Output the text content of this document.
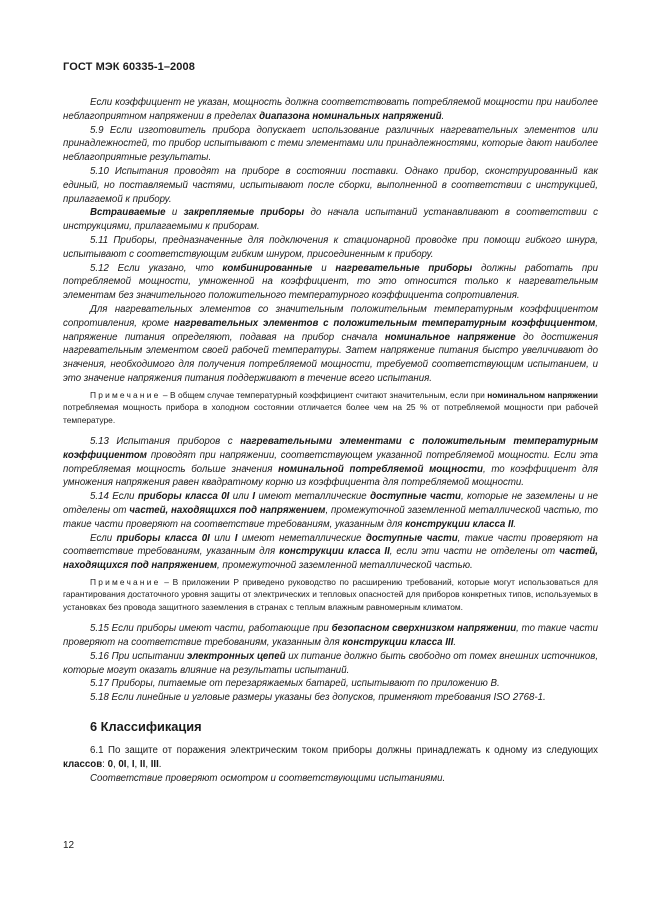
ГОСТ МЭК 60335-1–2008

Если коэффициент не указан, мощность должна соответствовать потребляемой мощности при наиболее неблагоприятном напряжении в пределах диапазона номинальных напряжений.

5.9 Если изготовитель прибора допускает использование различных нагревательных элементов или принадлежностей, то прибор испытывают с теми элементами или принадлежностями, которые дают наиболее неблагоприятные результаты.

5.10 Испытания проводят на приборе в состоянии поставки. Однако прибор, сконструированный как единый, но поставляемый частями, испытывают после сборки, выполненной в соответствии с инструкцией, прилагаемой к прибору.

Встраиваемые и закрепляемые приборы до начала испытаний устанавливают в соответствии с инструкциями, прилагаемыми к приборам.

5.11 Приборы, предназначенные для подключения к стационарной проводке при помощи гибкого шнура, испытывают с соответствующим гибким шнуром, присоединенным к прибору.

5.12 Если указано, что комбинированные и нагревательные приборы должны работать при потребляемой мощности, умноженной на коэффициент, то это относится только к нагревательным элементам без значительного положительного температурного коэффициента сопротивления.

Для нагревательных элементов со значительным положительным температурным коэффициентом сопротивления, кроме нагревательных элементов с положительным температурным коэффициентом, напряжение питания определяют, подавая на прибор сначала номинальное напряжение до достижения нагревательным элементом своей рабочей температуры. Затем напряжение питания быстро увеличивают до значения, необходимого для получения потребляемой мощности, требуемой соответствующим испытанием, и это значение напряжения питания поддерживают в течение всего испытания.

Примечание – В общем случае температурный коэффициент считают значительным, если при номинальном напряжении потребляемая мощность прибора в холодном состоянии отличается более чем на 25 % от потребляемой мощности при рабочей температуре.

5.13 Испытания приборов с нагревательными элементами с положительным температурным коэффициентом проводят при напряжении, соответствующем указанной потребляемой мощности. Если эта потребляемая мощность больше значения номинальной потребляемой мощности, то коэффициент для умножения напряжения равен квадратному корню из коэффициента для потребляемой мощности.

5.14 Если приборы класса 0I или I имеют металлические доступные части, которые не заземлены и не отделены от частей, находящихся под напряжением, промежуточной заземленной металлической частью, то такие части проверяют на соответствие требованиям, указанным для конструкции класса II.

Если приборы класса 0I или I имеют неметаллические доступные части, такие части проверяют на соответствие требованиям, указанным для конструкции класса II, если эти части не отделены от частей, находящихся под напряжением, промежуточной заземленной металлической частью.

Примечание – В приложении Р приведено руководство по расширению требований, которые могут использоваться для гарантирования достаточного уровня защиты от электрических и тепловых опасностей для приборов конкретных типов, используемых в установках без провода защитного заземления в странах с теплым влажным равномерным климатом.

5.15 Если приборы имеют части, работающие при безопасном сверхнизком напряжении, то такие части проверяют на соответствие требованиям, указанным для конструкции класса III.

5.16 При испытании электронных цепей их питание должно быть свободно от помех внешних источников, которые могут оказать влияние на результаты испытаний.

5.17 Приборы, питаемые от перезаряжаемых батарей, испытывают по приложению B.

5.18 Если линейные и угловые размеры указаны без допусков, применяют требования ISO 2768-1.

6 Классификация

6.1 По защите от поражения электрическим током приборы должны принадлежать к одному из следующих классов: 0, 0I, I, II, III.

Соответствие проверяют осмотром и соответствующими испытаниями.

12
